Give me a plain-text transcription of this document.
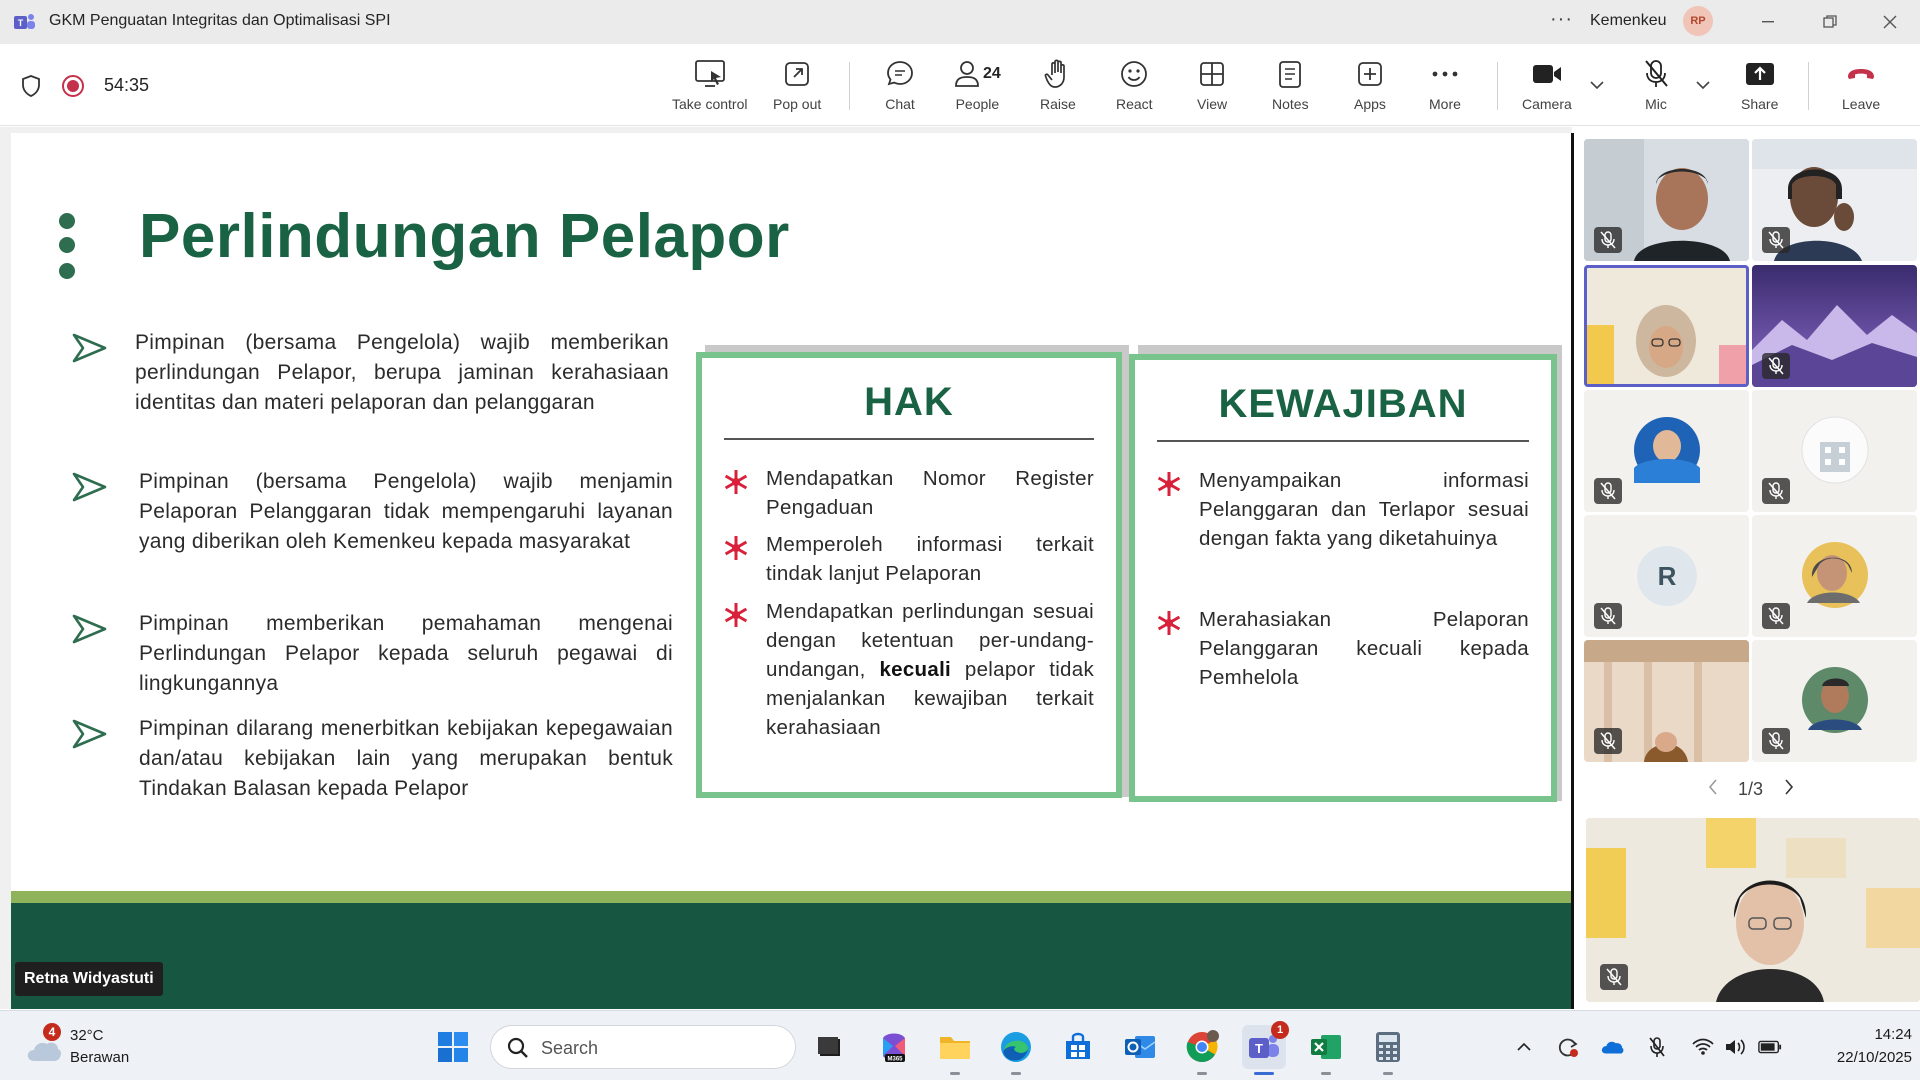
T GKM Penguatan Integritas dan Optimalisasi SPI	··· Kemenkeu	RP
54:35
Take control Pop out	Chat
24
People	Raise	React	View	Notes	Apps	More	Camera	Mic	Share	Leave
Perlindungan Pelapor
Pimpinan (bersama Pengelola) wajib memberikan perlindungan Pelapor, berupa jaminan kerahasiaan identitas dan materi pelaporan dan pelanggaran
Pimpinan (bersama Pengelola) wajib menjamin Pelaporan Pelanggaran tidak mempengaruhi layanan yang diberikan oleh Kemenkeu kepada masyarakat
Pimpinan memberikan pemahaman mengenai Perlindungan Pelapor kepada seluruh pegawai di lingkungannya
Pimpinan dilarang menerbitkan kebijakan kepegawaian dan/atau kebijakan lain yang merupakan bentuk Tindakan Balasan kepada Pelapor
HAK
Mendapatkan Nomor Register Pengaduan
Memperoleh informasi terkait tindak lanjut Pelaporan
Mendapatkan perlindungan sesuai dengan ketentuan per-undang-undangan, kecuali pelapor tidak menjalankan kewajiban terkait kerahasiaan
KEWAJIBAN
Menyampaikan informasi Pelanggaran dan Terlapor sesuai dengan fakta yang diketahuinya
Merahasiakan Pelaporan Pelanggaran kecuali kepada Pemhelola
Retna Widyastuti
R
1/3
4 32°C
Berawan	Search
M365
T
1	14:24
22/10/2025
